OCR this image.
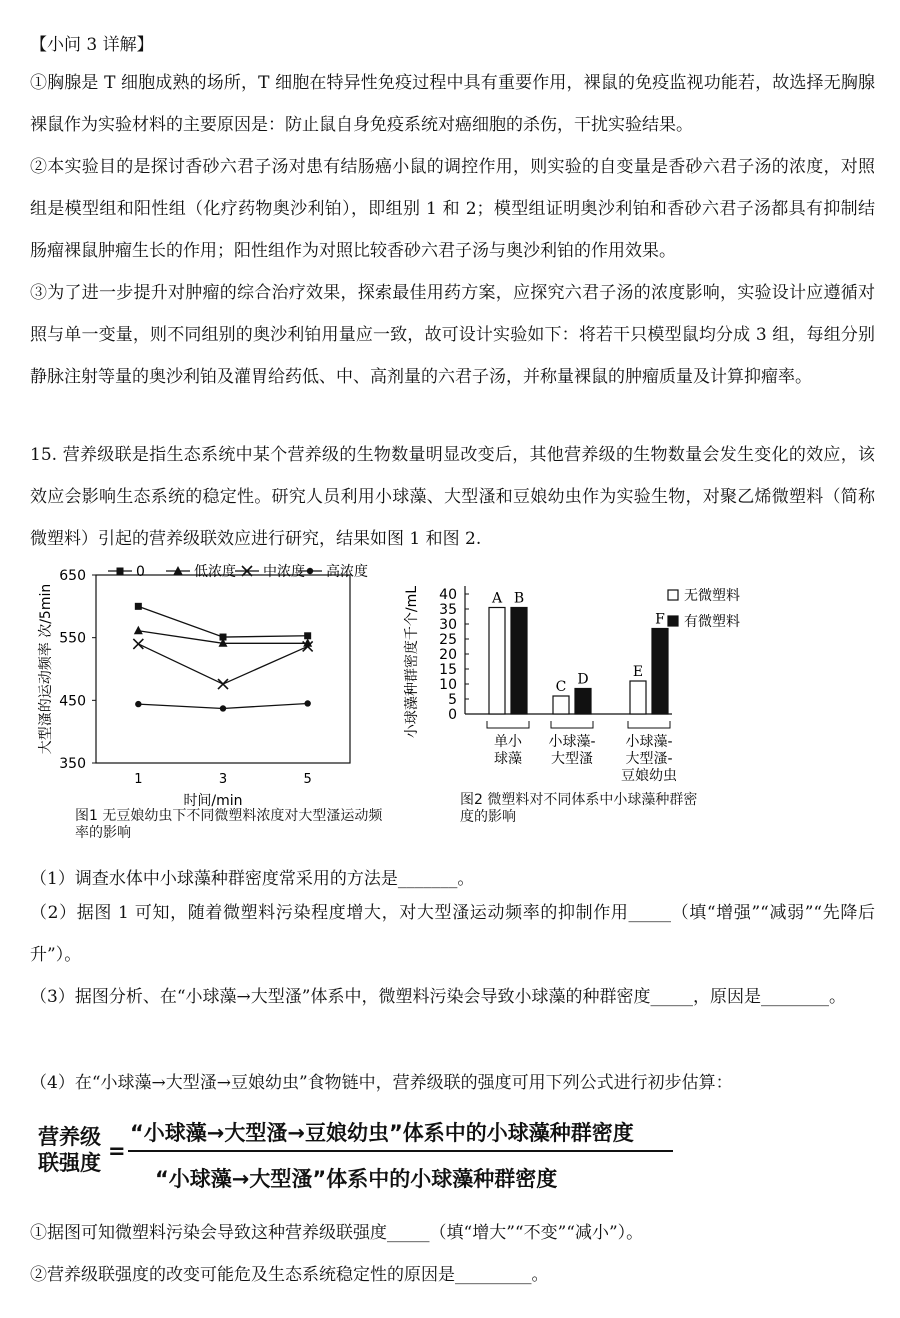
【小问 3 详解】
①胸腺是 T 细胞成熟的场所，T 细胞在特异性免疫过程中具有重要作用，裸鼠的免疫监视功能若，故选择无胸腺裸鼠作为实验材料的主要原因是：防止鼠自身免疫系统对癌细胞的杀伤，干扰实验结果。
②本实验目的是探讨香砂六君子汤对患有结肠癌小鼠的调控作用，则实验的自变量是香砂六君子汤的浓度，对照组是模型组和阳性组（化疗药物奥沙利铂），即组别 1 和 2；模型组证明奥沙利铂和香砂六君子汤都具有抑制结肠瘤裸鼠肿瘤生长的作用；阳性组作为对照比较香砂六君子汤与奥沙利铂的作用效果。
③为了进一步提升对肿瘤的综合治疗效果，探索最佳用药方案，应探究六君子汤的浓度影响，实验设计应遵循对照与单一变量，则不同组别的奥沙利铂用量应一致，故可设计实验如下：将若干只模型鼠均分成 3 组，每组分别静脉注射等量的奥沙利铂及灌胃给药低、中、高剂量的六君子汤，并称量裸鼠的肿瘤质量及计算抑瘤率。
15. 营养级联是指生态系统中某个营养级的生物数量明显改变后，其他营养级的生物数量会发生变化的效应，该效应会影响生态系统的稳定性。研究人员利用小球藻、大型溞和豆娘幼虫作为实验生物，对聚乙烯微塑料（简称微塑料）引起的营养级联效应进行研究，结果如图 1 和图 2.
350
450
550
650
1	3	5
时间/min
大型溞的运动频率 次/5min
0	低浓度 中浓度 高浓度
图1 无豆娘幼虫下不同微塑料浓度对大型溞运动频率的影响
0
5
10
15
20
25
30
35
40
小球藻种群密度千个/mL	A B
单小球藻
C D
小球藻-大型溞
E
F
小球藻-大型溞-豆娘幼虫
无微塑料
有微塑料
图2 微塑料对不同体系中小球藻种群密度的影响
（1）调查水体中小球藻种群密度常采用的方法是_______。
（2）据图 1 可知，随着微塑料污染程度增大，对大型溞运动频率的抑制作用_____（填“增强”“减弱”“先降后升”）。
（3）据图分析、在“小球藻→大型溞”体系中，微塑料污染会导致小球藻的种群密度_____，原因是________。
（4）在“小球藻→大型溞→豆娘幼虫”食物链中，营养级联的强度可用下列公式进行初步估算：
营养级
联强度 =
“小球藻→大型溞→豆娘幼虫”体系中的小球藻种群密度
“小球藻→大型溞”体系中的小球藻种群密度
①据图可知微塑料污染会导致这种营养级联强度_____（填“增大”“不变”“减小”）。
②营养级联强度的改变可能危及生态系统稳定性的原因是_________。
